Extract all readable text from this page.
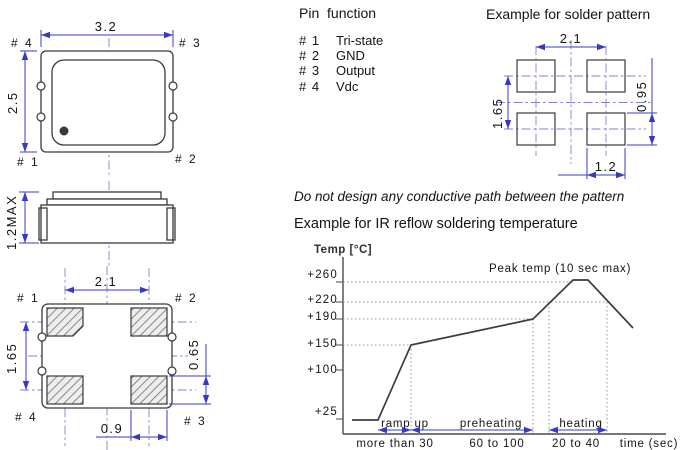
3.2
2.5
# 4	# 3
# 1	# 2
1.2MAX
2.1
1.65	0.65
0.9
# 1	# 2
# 4	# 3
2.1
1.65
0.95
1.2
+260
+220
+190
+150
+100
+25
Peak temp (10 sec max)
ramp up	preheating	heating
more than 30	60 to 100 20 to 40 time (sec)
Pin  function
# 1	Tri-state
# 2	GND
# 3	Output
# 4	Vdc
Example for solder pattern
Do not design any conductive path between the pattern
Example for IR reflow soldering temperature
Temp [°C]
